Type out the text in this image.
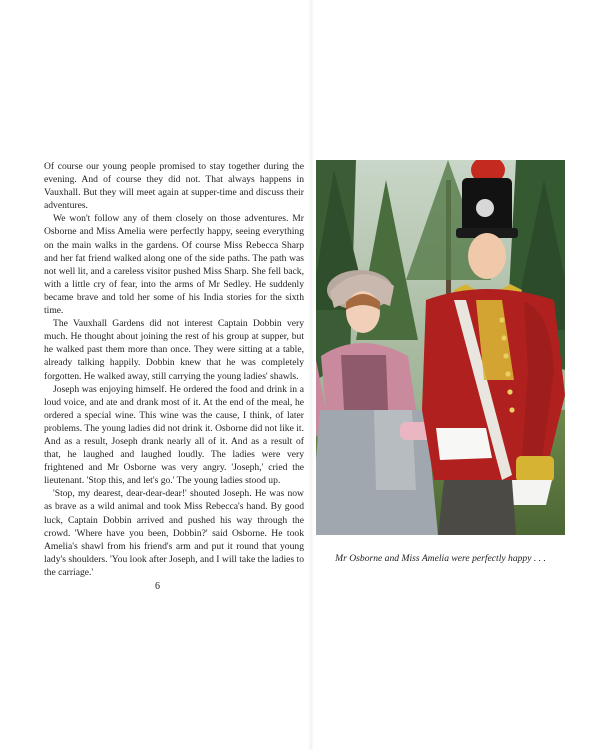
Of course our young people promised to stay together during the evening. And of course they did not. That always happens in Vauxhall. But they will meet again at supper-time and discuss their adventures.

We won't follow any of them closely on those adventures. Mr Osborne and Miss Amelia were perfectly happy, seeing everything on the main walks in the gardens. Of course Miss Rebecca Sharp and her fat friend walked along one of the side paths. The path was not well lit, and a careless visitor pushed Miss Sharp. She fell back, with a little cry of fear, into the arms of Mr Sedley. He suddenly became brave and told her some of his India stories for the sixth time.

The Vauxhall Gardens did not interest Captain Dobbin very much. He thought about joining the rest of his group at supper, but he walked past them more than once. They were sitting at a table, already talking happily. Dobbin knew that he was completely forgotten. He walked away, still carrying the young ladies' shawls.

Joseph was enjoying himself. He ordered the food and drink in a loud voice, and ate and drank most of it. At the end of the meal, he ordered a special wine. This wine was the cause, I think, of later problems. The young ladies did not drink it. Osborne did not like it. And as a result, Joseph drank nearly all of it. And as a result of that, he laughed and laughed loudly. The ladies were very frightened and Mr Osborne was very angry. 'Joseph,' cried the lieutenant. 'Stop this, and let's go.' The young ladies stood up.

'Stop, my dearest, dear-dear-dear!' shouted Joseph. He was now as brave as a wild animal and took Miss Rebecca's hand. By good luck, Captain Dobbin arrived and pushed his way through the crowd. 'Where have you been, Dobbin?' said Osborne. He took Amelia's shawl from his friend's arm and put it round that young lady's shoulders. 'You look after Joseph, and I will take the ladies to the carriage.'

6
Mr Osborne and Miss Amelia were perfectly happy . . .
